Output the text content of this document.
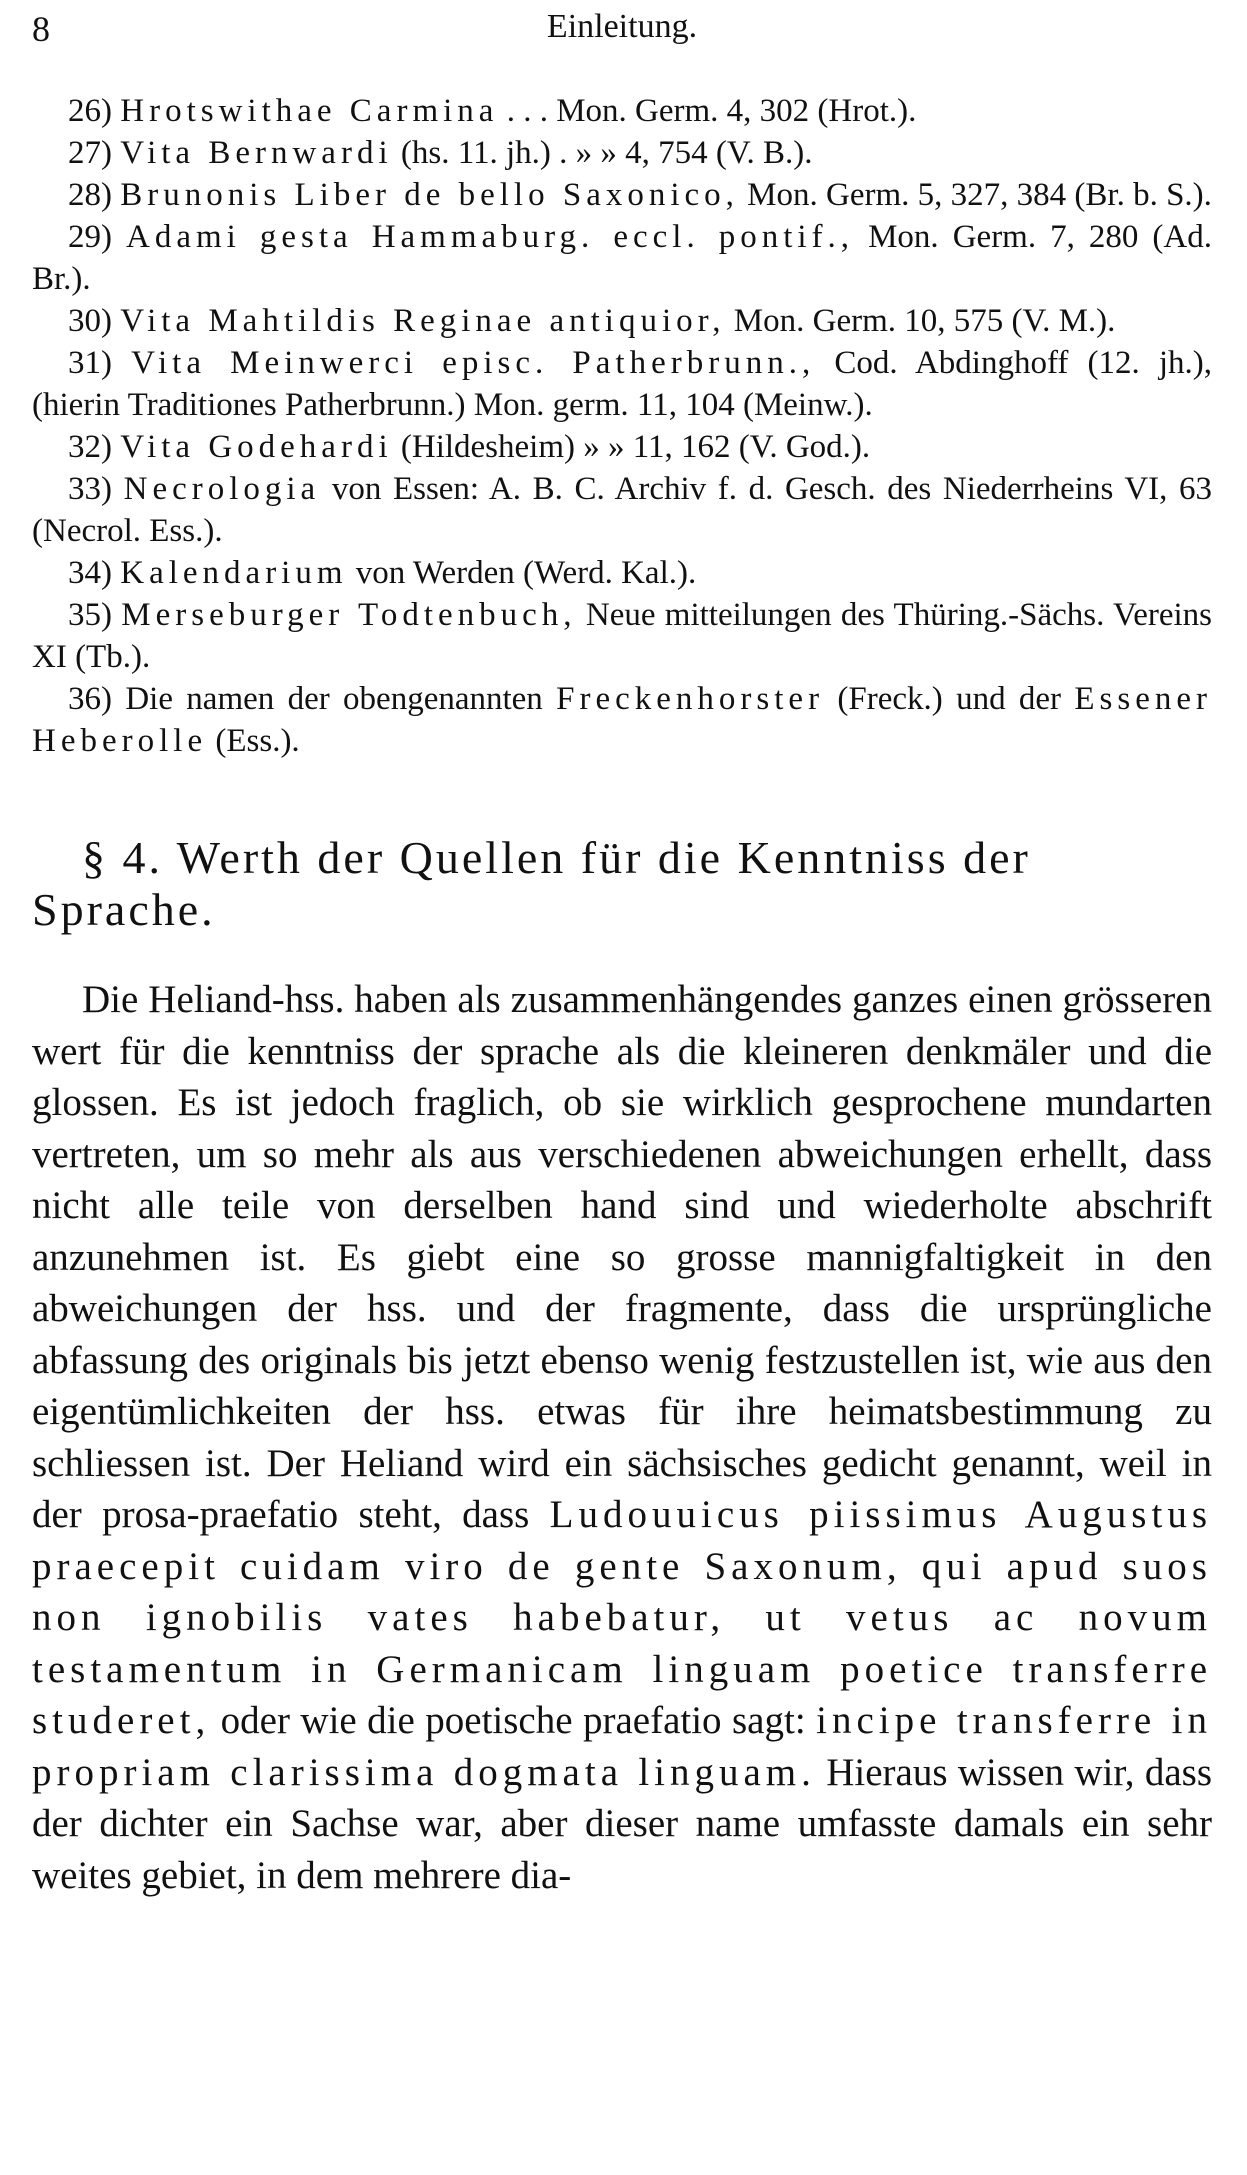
8	Einleitung.

26) Hrotswithae Carmina . . . Mon. Germ. 4, 302 (Hrot.).

27) Vita Bernwardi (hs. 11. jh.) . » » 4, 754 (V. B.).

28) Brunonis Liber de bello Saxonico, Mon. Germ. 5, 327, 384 (Br. b. S.).

29) Adami gesta Hammaburg. eccl. pontif., Mon. Germ. 7, 280 (Ad. Br.).

30) Vita Mahtildis Reginae antiquior, Mon. Germ. 10, 575 (V. M.).

31) Vita Meinwerci episc. Patherbrunn., Cod. Abdinghoff (12. jh.), (hierin Traditiones Patherbrunn.) Mon. germ. 11, 104 (Meinw.).

32) Vita Godehardi (Hildesheim) » » 11, 162 (V. God.).

33) Necrologia von Essen: A. B. C. Archiv f. d. Gesch. des Niederrheins VI, 63 (Necrol. Ess.).

34) Kalendarium von Werden (Werd. Kal.).

35) Merseburger Todtenbuch, Neue mitteilungen des Thüring.-Sächs. Vereins XI (Tb.).

36) Die namen der obengenannten Freckenhorster (Freck.) und der Essener Heberolle (Ess.).

§ 4. Werth der Quellen für die Kenntniss der Sprache.

Die Heliand-hss. haben als zusammenhängendes ganzes einen grösseren wert für die kenntniss der sprache als die kleineren denkmäler und die glossen. Es ist jedoch fraglich, ob sie wirklich gesprochene mundarten vertreten, um so mehr als aus verschiedenen abweichungen erhellt, dass nicht alle teile von derselben hand sind und wiederholte abschrift anzunehmen ist. Es giebt eine so grosse mannigfaltigkeit in den abweichungen der hss. und der fragmente, dass die ursprüngliche abfassung des originals bis jetzt ebenso wenig festzustellen ist, wie aus den eigentümlichkeiten der hss. etwas für ihre heimatsbestimmung zu schliessen ist. Der Heliand wird ein sächsisches gedicht genannt, weil in der prosa-praefatio steht, dass Ludouuicus piissimus Augustus praecepit cuidam viro de gente Saxonum, qui apud suos non ignobilis vates habebatur, ut vetus ac novum testamentum in Germanicam linguam poetice transferre studeret, oder wie die poetische praefatio sagt: incipe transferre in propriam clarissima dogmata linguam. Hieraus wissen wir, dass der dichter ein Sachse war, aber dieser name umfasste damals ein sehr weites gebiet, in dem mehrere dia-
